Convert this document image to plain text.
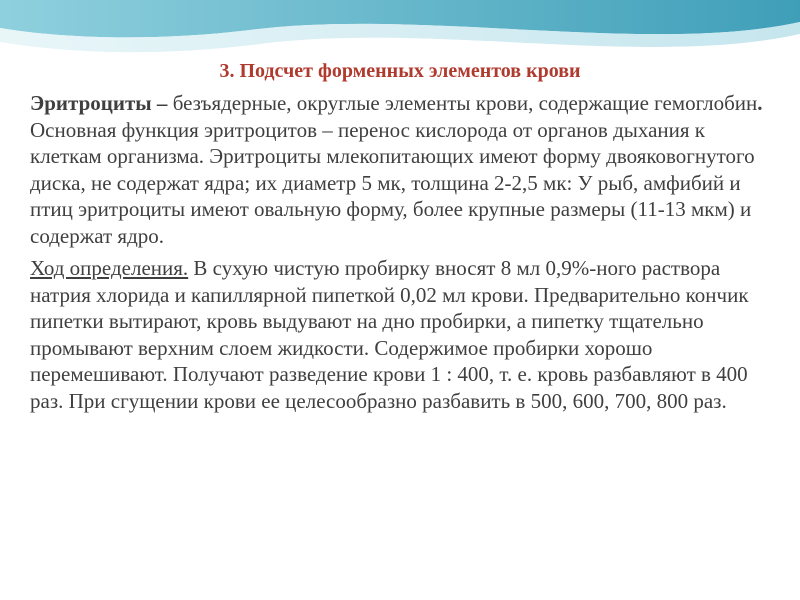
3. Подсчет форменных элементов крови

Эритроциты – безъядерные, округлые элементы крови, содержащие гемоглобин. Основная функция эритроцитов – перенос кислорода от органов дыхания к клеткам организма. Эритроциты млекопитающих имеют форму двояковогнутого диска, не содержат ядра; их диаметр 5 мк, толщина 2-2,5 мк: У рыб, амфибий и птиц эритроциты имеют овальную форму, более крупные размеры (11-13 мкм) и содержат ядро.

Ход определения. В сухую чистую пробирку вносят 8 мл 0,9%-ного раствора натрия хлорида и капиллярной пипеткой 0,02 мл крови. Предварительно кончик пипетки вытирают, кровь выдувают на дно пробирки, а пипетку тщательно промывают верхним слоем жидкости. Содержимое пробирки хорошо перемешивают. Получают разведение крови 1 : 400, т. е. кровь разбавляют в 400 раз. При сгущении крови ее целесообразно разбавить в 500, 600, 700, 800 раз.
